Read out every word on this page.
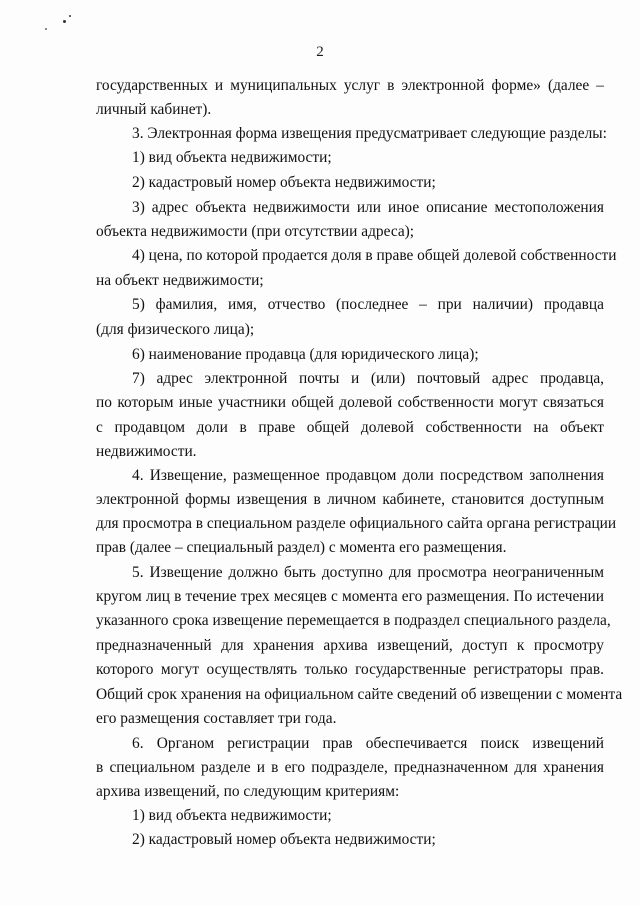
2
государственных и муниципальных услуг в электронной форме» (далее –
личный кабинет).
3. Электронная форма извещения предусматривает следующие разделы:
1) вид объекта недвижимости;
2) кадастровый номер объекта недвижимости;
3) адрес объекта недвижимости или иное описание местоположения
объекта недвижимости (при отсутствии адреса);
4) цена, по которой продается доля в праве общей долевой собственности
на объект недвижимости;
5) фамилия, имя, отчество (последнее – при наличии) продавца
(для физического лица);
6) наименование продавца (для юридического лица);
7) адрес электронной почты и (или) почтовый адрес продавца,
по которым иные участники общей долевой собственности могут связаться
с продавцом доли в праве общей долевой собственности на объект
недвижимости.
4. Извещение, размещенное продавцом доли посредством заполнения
электронной формы извещения в личном кабинете, становится доступным
для просмотра в специальном разделе официального сайта органа регистрации
прав (далее – специальный раздел) с момента его размещения.
5. Извещение должно быть доступно для просмотра неограниченным
кругом лиц в течение трех месяцев с момента его размещения. По истечении
указанного срока извещение перемещается в подраздел специального раздела,
предназначенный для хранения архива извещений, доступ к просмотру
которого могут осуществлять только государственные регистраторы прав.
Общий срок хранения на официальном сайте сведений об извещении с момента
его размещения составляет три года.
6. Органом регистрации прав обеспечивается поиск извещений
в специальном разделе и в его подразделе, предназначенном для хранения
архива извещений, по следующим критериям:
1) вид объекта недвижимости;
2) кадастровый номер объекта недвижимости;
